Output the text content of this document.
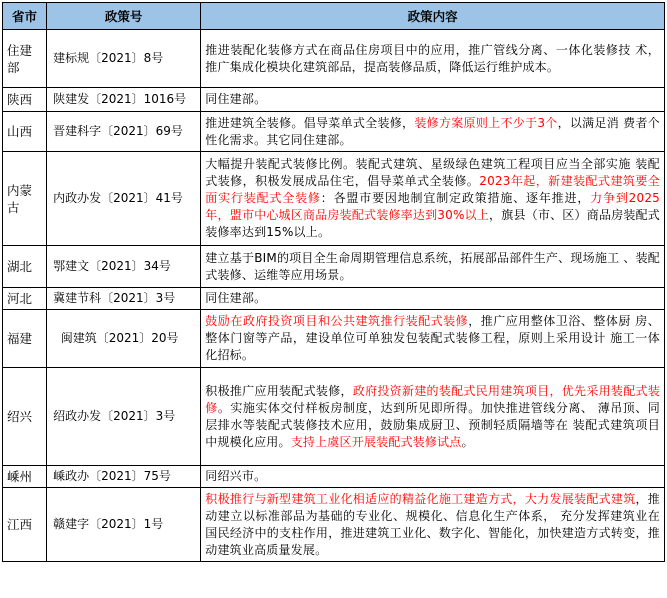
省市	政策号	政策内容
住建部	建标规〔2021〕8号	推进装配化装修方式在商品住房项目中的应用，推广管线分离、一体化装修技 术，推广集成化模块化建筑部品，提高装修品质，降低运行维护成本。
陕西	陕建发〔2021〕1016号	同住建部。
山西	晋建科字〔2021〕69号	推进建筑全装修。倡导菜单式全装修，装修方案原则上不少于3个，以满足消 费者个性化需求。其它同住建部。
内蒙古	内政办发〔2021〕41号	大幅提升装配式装修比例。装配式建筑、星级绿色建筑工程项目应当全部实施 装配式装修，积极发展成品住宅，倡导菜单式全装修。2023年起，新建装配式建筑要全面实行装配式全装修：各盟市要因地制宜制定政策措施、逐年推进，力争到2025年，盟市中心城区商品房装配式装修率达到30%以上，旗县（市、区）商品房装配式装修率达到15%以上。
湖北	鄂建文〔2021〕34号	建立基于BIM的项目全生命周期管理信息系统，拓展部品部件生产、现场施工 、装配式装修、运维等应用场景。
河北	冀建节科〔2021〕3号	同住建部。
福建	闽建筑〔2021〕20号	鼓励在政府投资项目和公共建筑推行装配式装修，推广应用整体卫浴、整体厨 房、整体门窗等产品，建设单位可单独发包装配式装修工程，原则上采用设计 施工一体化招标。
绍兴	绍政办发〔2021〕3号	积极推广应用装配式装修，政府投资新建的装配式民用建筑项目，优先采用装配式装修。实施实体交付样板房制度，达到所见即所得。加快推进管线分离、 薄吊顶、同层排水等装配式装修技术应用，鼓励集成厨卫、预制轻质隔墙等在 装配式建筑项目中规模化应用。支持上虞区开展装配式装修试点。
嵊州	嵊政办〔2021〕75号	同绍兴市。
江西	赣建字〔2021〕1号	积极推行与新型建筑工业化相适应的精益化施工建造方式，大力发展装配式建筑，推动建立以标准部品为基础的专业化、规模化、信息化生产体系， 充分发挥建筑业在国民经济中的支柱作用，推进建筑工业化、数字化、智能化，加快建造方式转变，推动建筑业高质量发展。
